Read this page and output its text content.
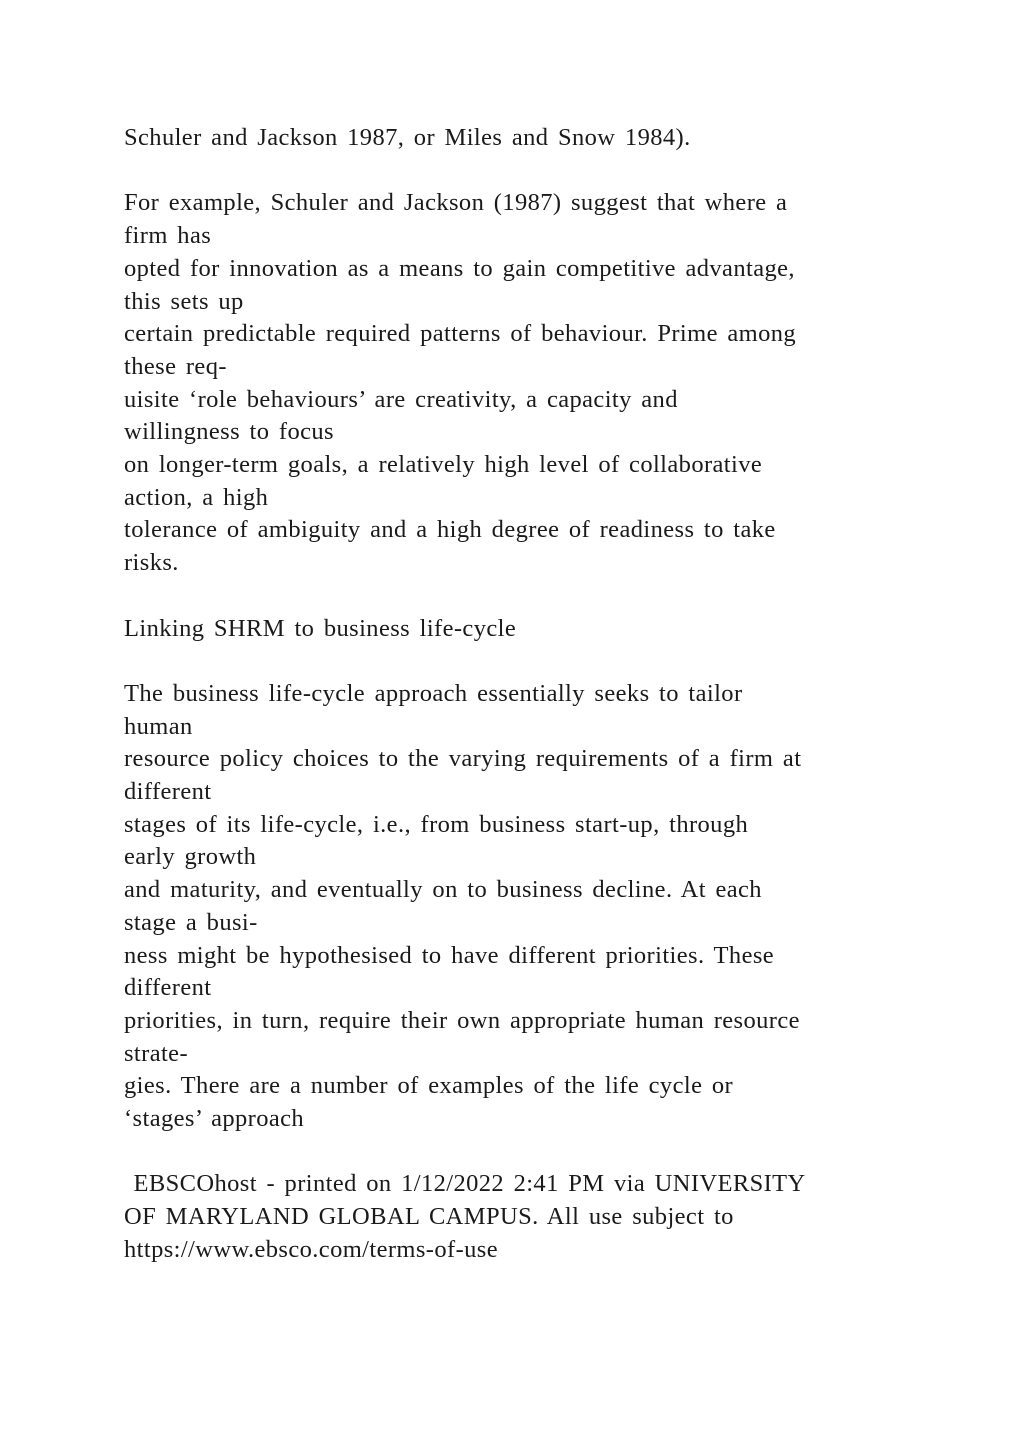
Schuler and Jackson 1987, or Miles and Snow 1984).
For example, Schuler and Jackson (1987) suggest that where a
firm has
opted for innovation as a means to gain competitive advantage,
this sets up
certain predictable required patterns of behaviour. Prime among
these req-
uisite ‘role behaviours’ are creativity, a capacity and
willingness to focus
on longer-term goals, a relatively high level of collaborative
action, a high
tolerance of ambiguity and a high degree of readiness to take
risks.
Linking SHRM to business life-cycle
The business life-cycle approach essentially seeks to tailor
human
resource policy choices to the varying requirements of a firm at
different
stages of its life-cycle, i.e., from business start-up, through
early growth
and maturity, and eventually on to business decline. At each
stage a busi-
ness might be hypothesised to have different priorities. These
different
priorities, in turn, require their own appropriate human resource
strate-
gies. There are a number of examples of the life cycle or
‘stages’ approach
EBSCOhost - printed on 1/12/2022 2:41 PM via UNIVERSITY
OF MARYLAND GLOBAL CAMPUS. All use subject to
https://www.ebsco.com/terms-of-use
